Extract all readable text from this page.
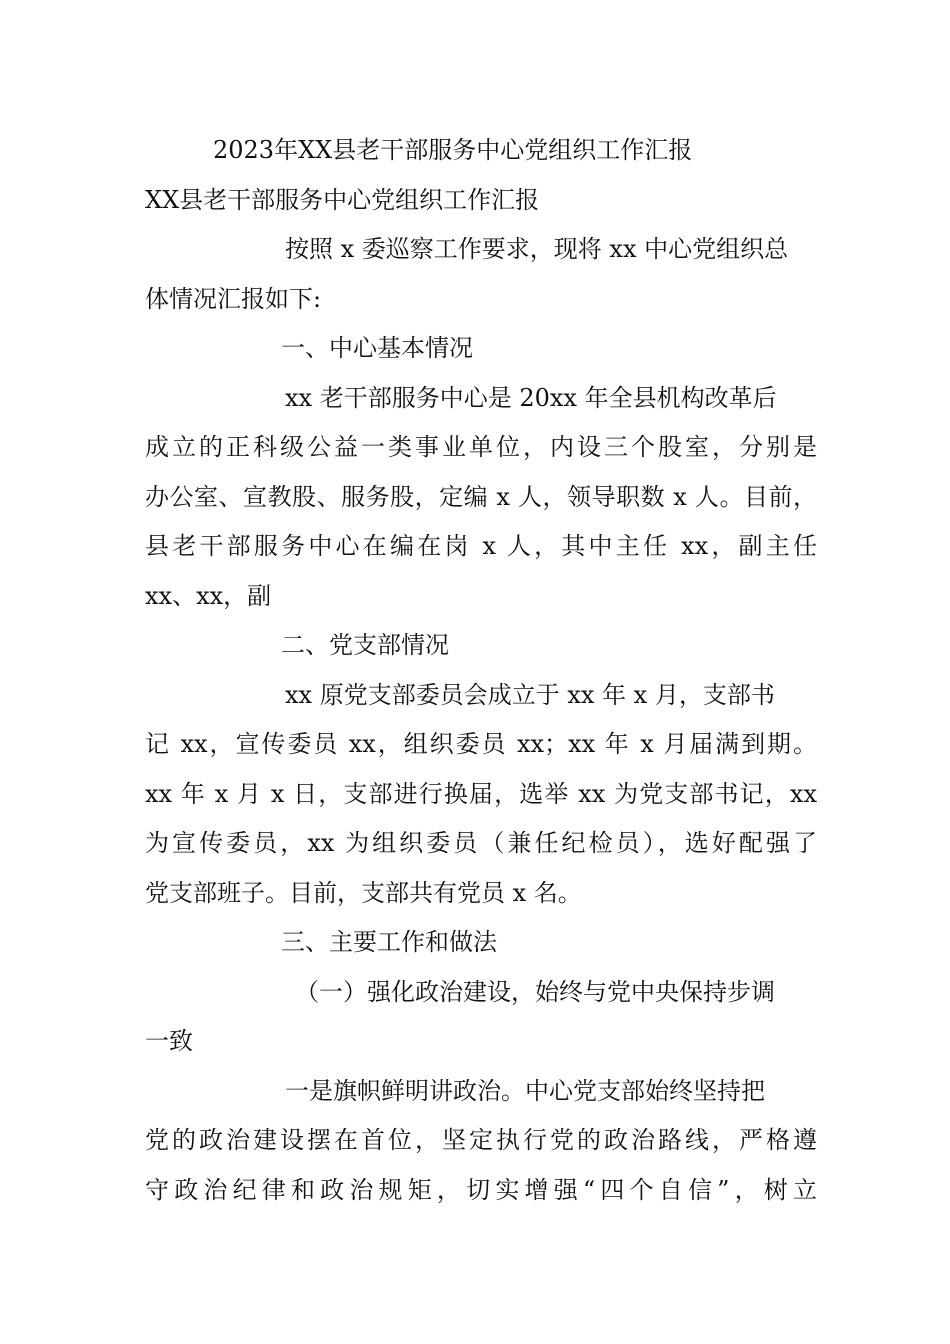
2023年XX县老干部服务中心党组织工作汇报
XX县老干部服务中心党组织工作汇报
按照 x 委巡察工作要求，现将 xx 中心党组织总
体情况汇报如下:
一、中心基本情况
xx 老干部服务中心是 20xx 年全县机构改革后
成立的正科级公益一类事业单位，内设三个股室，分别是
办公室、宣教股、服务股，定编 x 人，领导职数 x 人。目前，
县老干部服务中心在编在岗 x 人，其中主任 xx，副主任
xx、xx，副
二、党支部情况
xx 原党支部委员会成立于 xx 年 x 月，支部书
记 xx，宣传委员 xx，组织委员 xx；xx 年 x 月届满到期。
xx 年 x 月 x 日，支部进行换届，选举 xx 为党支部书记，xx
为宣传委员，xx 为组织委员（兼任纪检员），选好配强了
党支部班子。目前，支部共有党员 x 名。
三、主要工作和做法
（一）强化政治建设，始终与党中央保持步调
一致
一是旗帜鲜明讲政治。中心党支部始终坚持把
党的政治建设摆在首位，坚定执行党的政治路线，严格遵
守政治纪律和政治规矩，切实增强“四个自信”，树立
